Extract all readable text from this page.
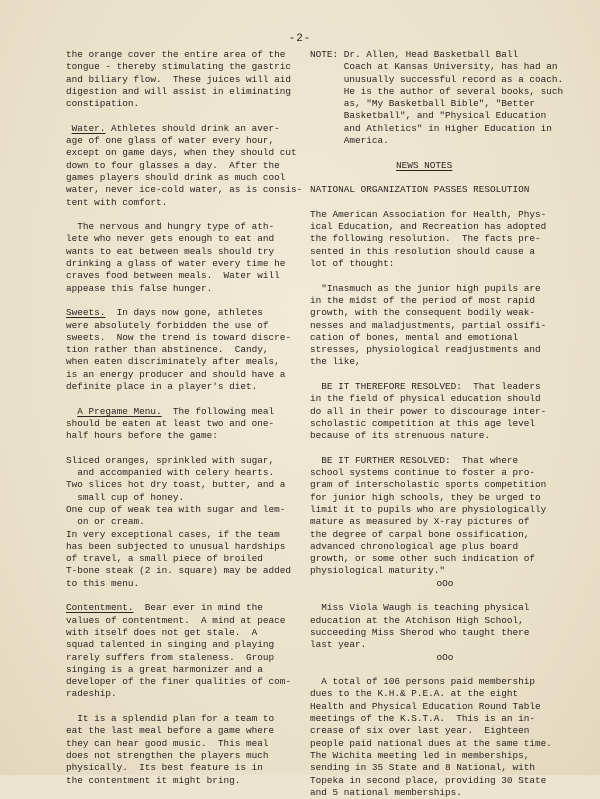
-2-

the orange cover the entire area of the

tongue - thereby stimulating the gastric

and biliary flow.  These juices will aid

digestion and will assist in eliminating

constipation.

Water. Athletes should drink an aver-

age of one glass of water every hour,

except on game days, when they should cut

down to four glasses a day.  After the

games players should drink as much cool

water, never ice-cold water, as is consis-

tent with comfort.

The nervous and hungry type of ath-

lete who never gets enough to eat and

wants to eat between meals should try

drinking a glass of water every time he

craves food between meals.  Water will

appease this false hunger.

Sweets.  In days now gone, athletes

were absolutely forbidden the use of

sweets.  Now the trend is toward discre-

tion rather than abstinence.  Candy,

when eaten discriminately after meals,

is an energy producer and should have a

definite place in a player's diet.

A Pregame Menu.  The following meal

should be eaten at least two and one-

half hours before the game:

Sliced oranges, sprinkled with sugar,

and accompanied with celery hearts.

Two slices hot dry toast, butter, and a

small cup of honey.

One cup of weak tea with sugar and lem-

on or cream.

In very exceptional cases, if the team

has been subjected to unusual hardships

of travel, a small piece of broiled

T-bone steak (2 in. square) may be added

to this menu.

Contentment.  Bear ever in mind the

values of contentment.  A mind at peace

with itself does not get stale.  A

squad talented in singing and playing

rarely suffers from staleness.  Group

singing is a great harmonizer and a

developer of the finer qualities of com-

radeship.

It is a splendid plan for a team to

eat the last meal before a game where

they can hear good music.  This meal

does not strengthen the players much

physically.  Its best feature is in

the contentment it might bring.

NOTE: Dr. Allen, Head Basketball Ball

Coach at Kansas University, has had an

unusually successful record as a coach.

He is the author of several books, such

as, "My Basketball Bible", "Better

Basketball", and "Physical Education

and Athletics" in Higher Education in

America.

NEWS NOTES

NATIONAL ORGANIZATION PASSES RESOLUTION

The American Association for Health, Phys-

ical Education, and Recreation has adopted

the following resolution.  The facts pre-

sented in this resolution should cause a

lot of thought:

"Inasmuch as the junior high pupils are

in the midst of the period of most rapid

growth, with the consequent bodily weak-

nesses and maladjustments, partial ossifi-

cation of bones, mental and emotional

stresses, physiological readjustments and

the like,

BE IT THEREFORE RESOLVED:  That leaders

in the field of physical education should

do all in their power to discourage inter-

scholastic competition at this age level

because of its strenuous nature.

BE IT FURTHER RESOLVED:  That where

school systems continue to foster a pro-

gram of interscholastic sports competition

for junior high schools, they be urged to

limit it to pupils who are physiologically

mature as measured by X-ray pictures of

the degree of carpal bone ossification,

advanced chronological age plus board

growth, or some other such indication of

physiological maturity."

oOo

Miss Viola Waugh is teaching physical

education at the Atchison High School,

succeeding Miss Sherod who taught there

last year.

oOo

A total of 106 persons paid membership

dues to the K.H.& P.E.A. at the eight

Health and Physical Education Round Table

meetings of the K.S.T.A.  This is an in-

crease of six over last year.  Eighteen

people paid national dues at the same time.

The Wichita meeting led in memberships,

sending in 35 State and 8 National, with

Topeka in second place, providing 30 State

and 5 national memberships.
